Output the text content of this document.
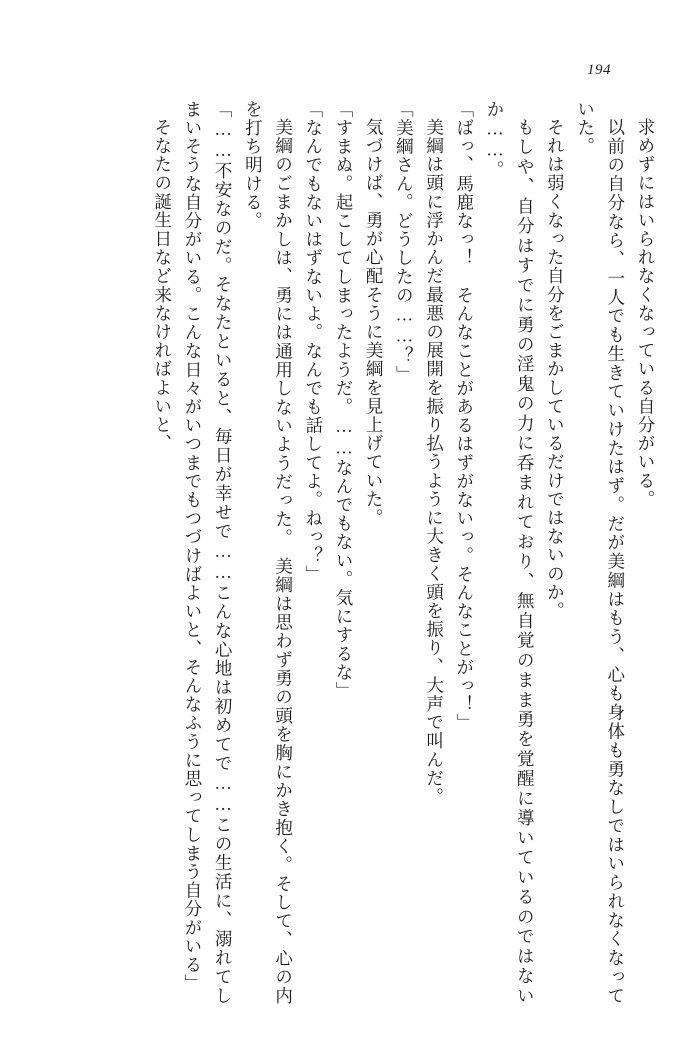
194

求めずにはいられなくなっている自分がいる。

以前の自分なら、一人でも生きていけたはず。だが美綱はもう、心も身体も勇なしではいられなくなっていた。

それは弱くなった自分をごまかしているだけではないのか。

もしや、自分はすでに勇の淫鬼の力に呑まれており、無自覚のまま勇を覚醒に導いているのではないか……。

「ばっ、馬鹿なっ！　そんなことがあるはずがないっ。そんなことがっ！」

美綱は頭に浮かんだ最悪の展開を振り払うように大きく頭を振り、大声で叫んだ。

「美綱さん。どうしたの……？」

気づけば、勇が心配そうに美綱を見上げていた。

「すまぬ。起こしてしまったようだ。……なんでもない。気にするな」

「なんでもないはずないよ。なんでも話してよ。ねっ？」

美綱のごまかしは、勇には通用しないようだった。　美綱は思わず勇の頭を胸にかき抱く。そして、心の内を打ち明ける。

「……不安なのだ。そなたといると、毎日が幸せで……こんな心地は初めてで……この生活に、溺れてしまいそうな自分がいる。こんな日々がいつまでもつづけばよいと、そんなふうに思ってしまう自分がいる」

そなたの誕生日など来なければよいと、
